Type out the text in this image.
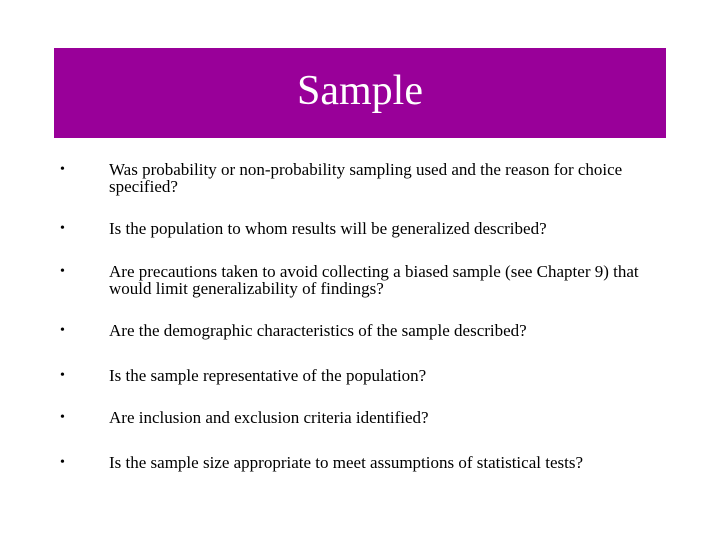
Sample
•	Was probability or non-probability sampling used and the reason for choice specified?
•	Is the population to whom results will be generalized described?
•	Are precautions taken to avoid collecting a biased sample (see Chapter 9) that would limit generalizability of findings?
•	Are the demographic characteristics of the sample described?
•	Is the sample representative of the population?
•	Are inclusion and exclusion criteria identified?
•	Is the sample size appropriate to meet assumptions of statistical tests?
